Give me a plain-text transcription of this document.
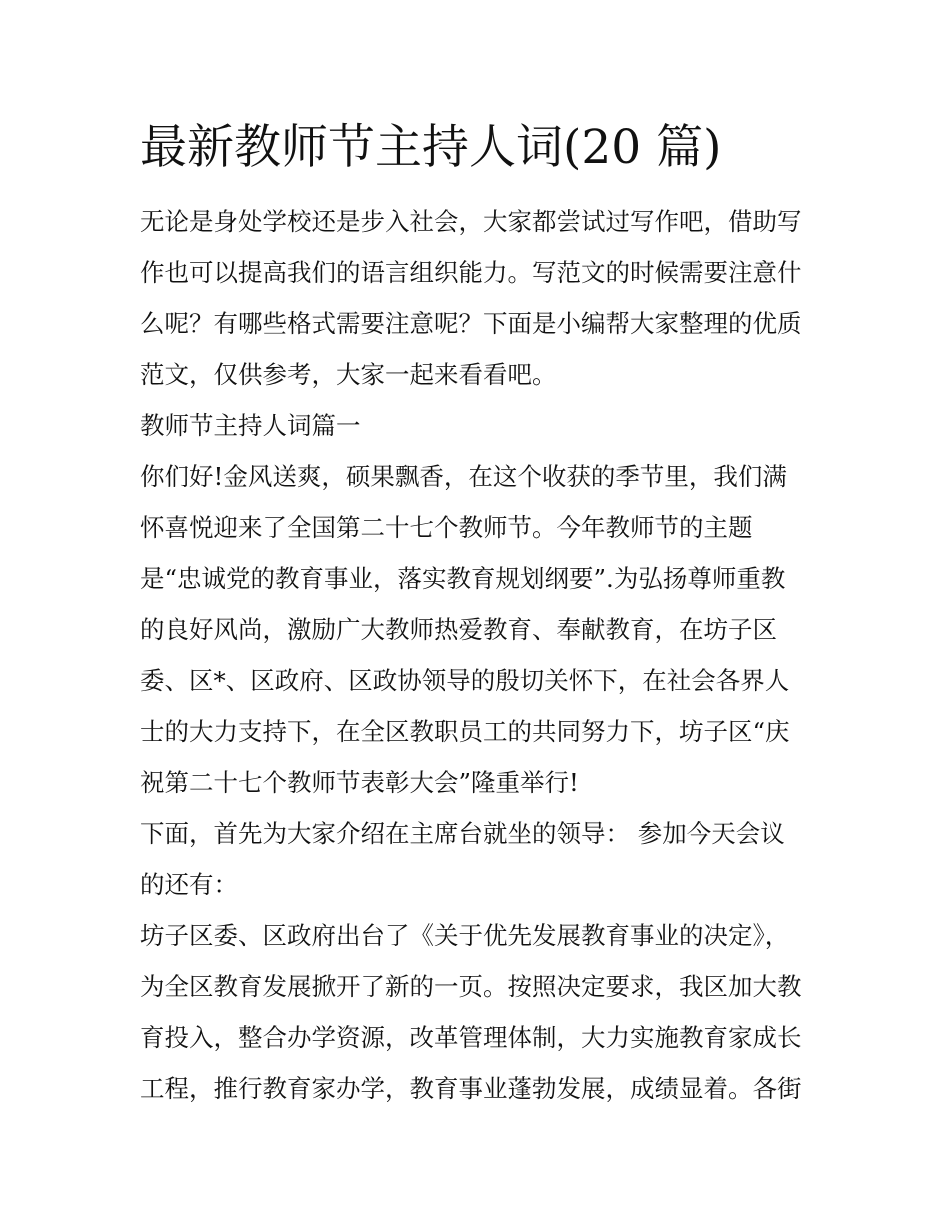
最新教师节主持人词(20 篇)

无论是身处学校还是步入社会，大家都尝试过写作吧，借助写

作也可以提高我们的语言组织能力。写范文的时候需要注意什

么呢？有哪些格式需要注意呢？下面是小编帮大家整理的优质

范文，仅供参考，大家一起来看看吧。

教师节主持人词篇一

你们好!金风送爽，硕果飘香，在这个收获的季节里，我们满

怀喜悦迎来了全国第二十七个教师节。今年教师节的主题

是“忠诚党的教育事业，落实教育规划纲要”.为弘扬尊师重教

的良好风尚，激励广大教师热爱教育、奉献教育，在坊子区

委、区*、区政府、区政协领导的殷切关怀下，在社会各界人

士的大力支持下，在全区教职员工的共同努力下，坊子区“庆

祝第二十七个教师节表彰大会”隆重举行!

下面，首先为大家介绍在主席台就坐的领导： 参加今天会议

的还有：

坊子区委、区政府出台了《关于优先发展教育事业的决定》，

为全区教育发展掀开了新的一页。按照决定要求，我区加大教

育投入，整合办学资源，改革管理体制，大力实施教育家成长

工程，推行教育家办学，教育事业蓬勃发展，成绩显着。各街
